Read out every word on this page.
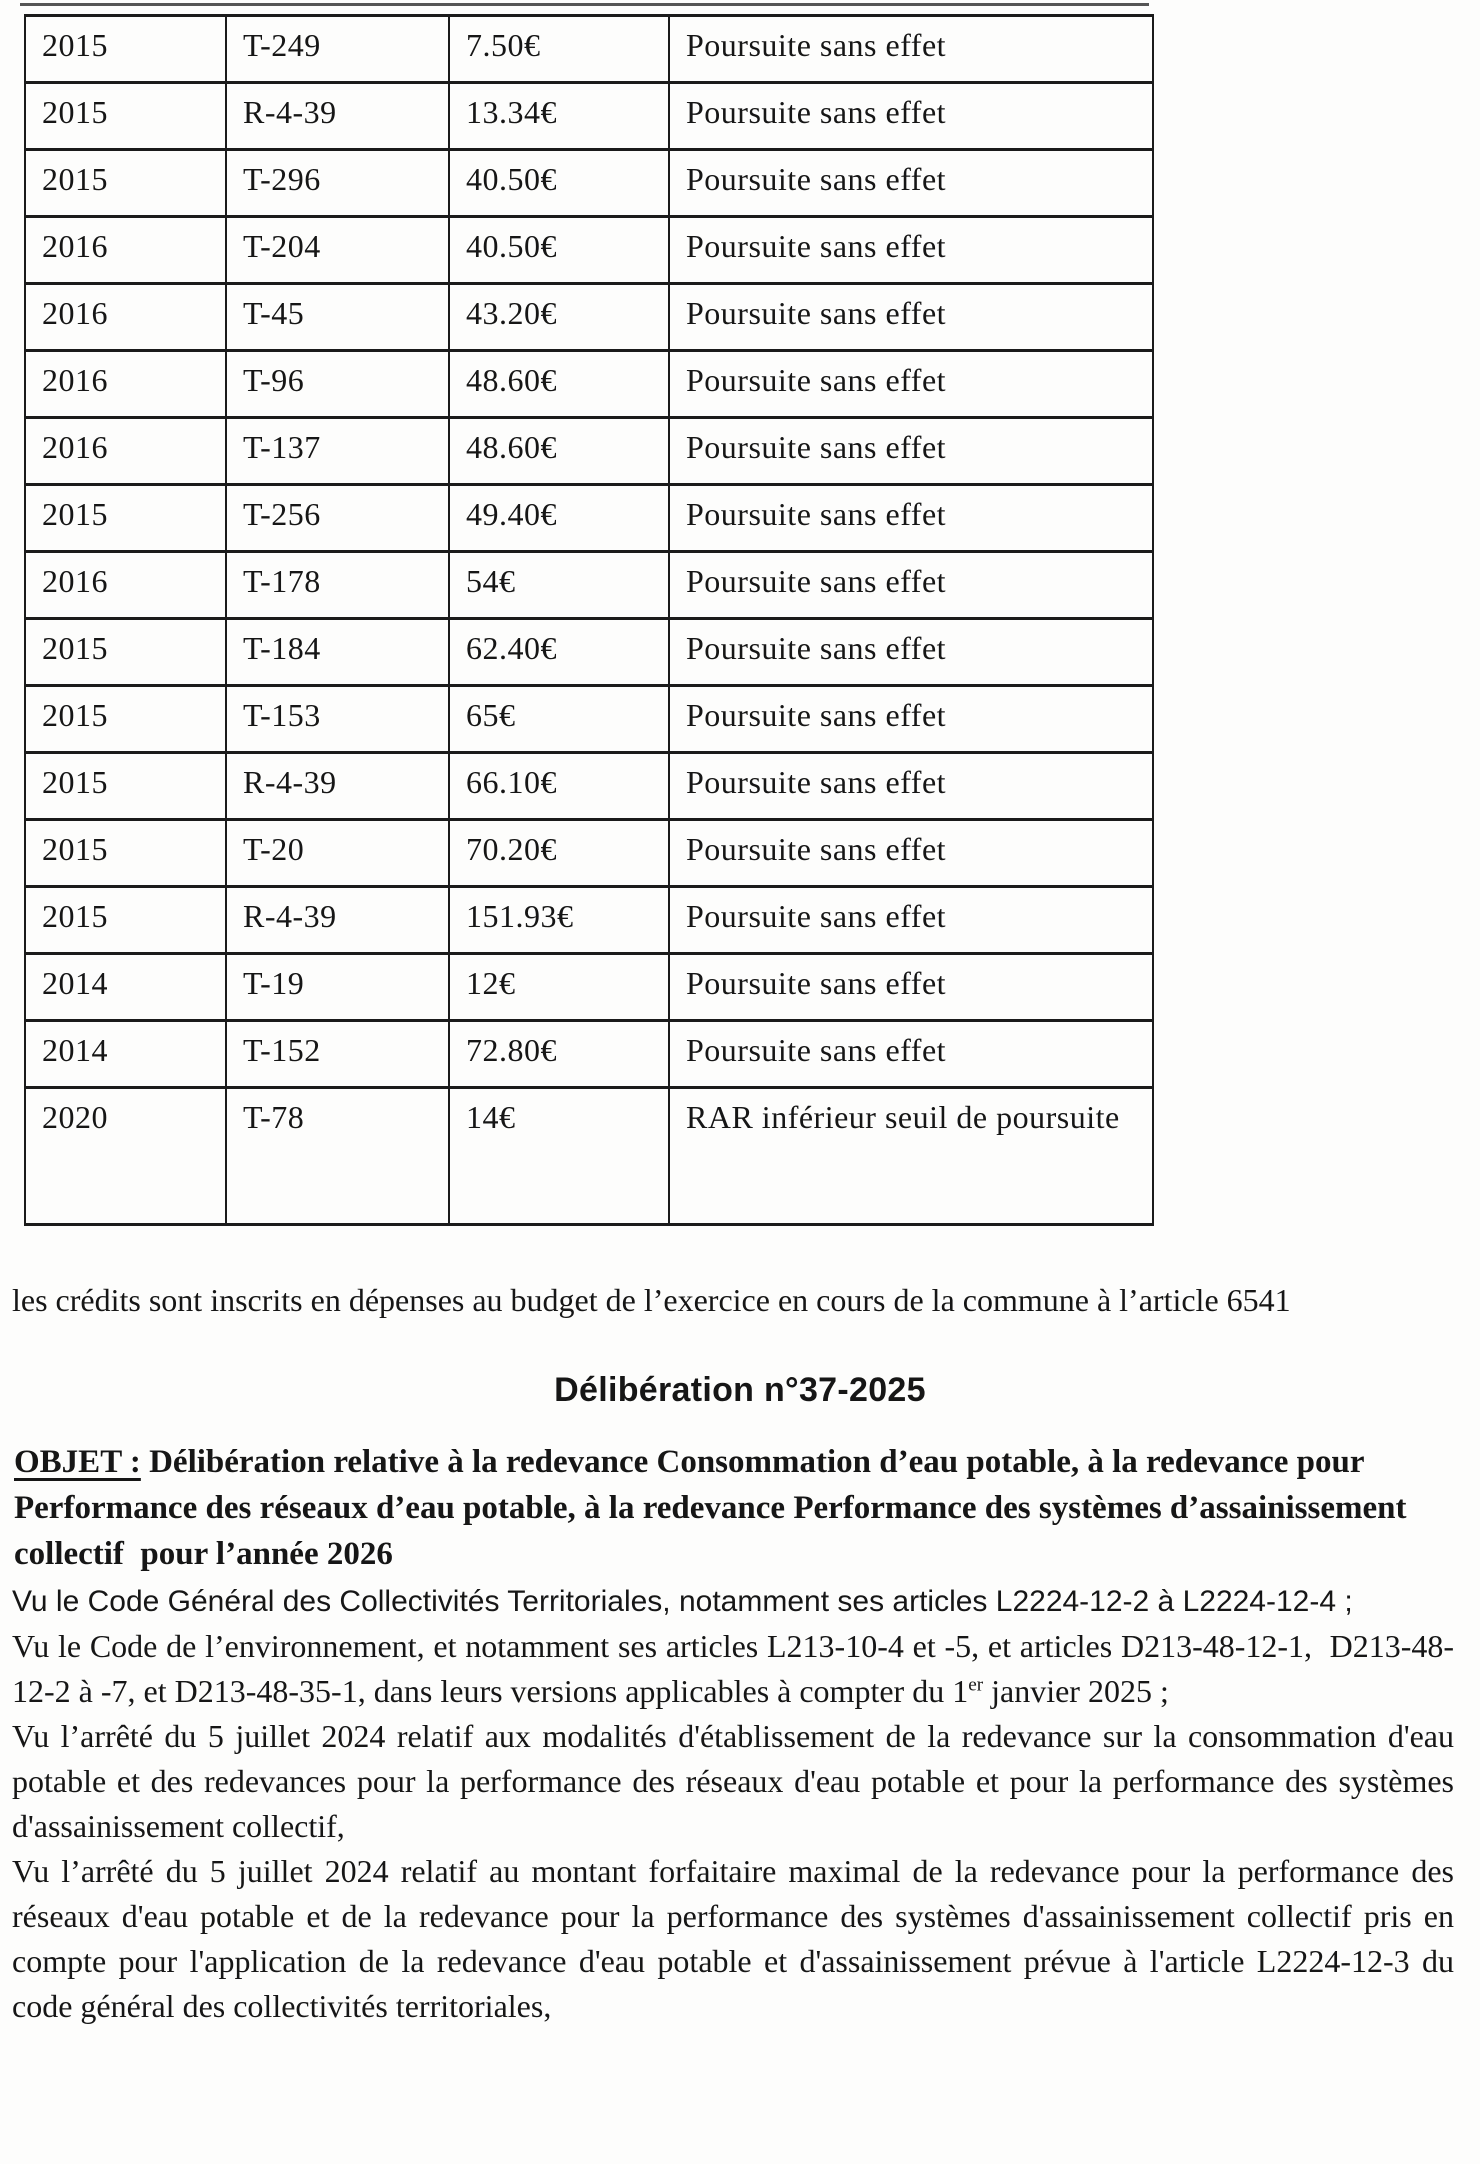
2015	T-249	7.50€	Poursuite sans effet
2015	R-4-39	13.34€	Poursuite sans effet
2015	T-296	40.50€	Poursuite sans effet
2016	T-204	40.50€	Poursuite sans effet
2016	T-45	43.20€	Poursuite sans effet
2016	T-96	48.60€	Poursuite sans effet
2016	T-137	48.60€	Poursuite sans effet
2015	T-256	49.40€	Poursuite sans effet
2016	T-178	54€	Poursuite sans effet
2015	T-184	62.40€	Poursuite sans effet
2015	T-153	65€	Poursuite sans effet
2015	R-4-39	66.10€	Poursuite sans effet
2015	T-20	70.20€	Poursuite sans effet
2015	R-4-39	151.93€	Poursuite sans effet
2014	T-19	12€	Poursuite sans effet
2014	T-152	72.80€	Poursuite sans effet
2020	T-78	14€	RAR inférieur seuil de poursuite

les crédits sont inscrits en dépenses au budget de l’exercice en cours de la commune à l’article 6541

Délibération n°37-2025

OBJET : Délibération relative à la redevance Consommation d’eau potable, à la redevance pour Performance des réseaux d’eau potable, à la redevance Performance des systèmes d’assainissement collectif  pour l’année 2026

Vu le Code Général des Collectivités Territoriales, notamment ses articles L2224-12-2 à L2224-12-4 ;

Vu le Code de l’environnement, et notamment ses articles L213-10-4 et -5, et articles D213-48-12-1,  D213-48-12-2 à -7, et D213-48-35-1, dans leurs versions applicables à compter du 1er janvier 2025 ;

Vu l’arrêté du 5 juillet 2024 relatif aux modalités d'établissement de la redevance sur la consommation d'eau potable et des redevances pour la performance des réseaux d'eau potable et pour la performance des systèmes d'assainissement collectif,

Vu l’arrêté du 5 juillet 2024 relatif au montant forfaitaire maximal de la redevance pour la performance des réseaux d'eau potable et de la redevance pour la performance des systèmes d'assainissement collectif pris en compte pour l'application de la redevance d'eau potable et d'assainissement prévue à l'article L2224-12-3 du code général des collectivités territoriales,
